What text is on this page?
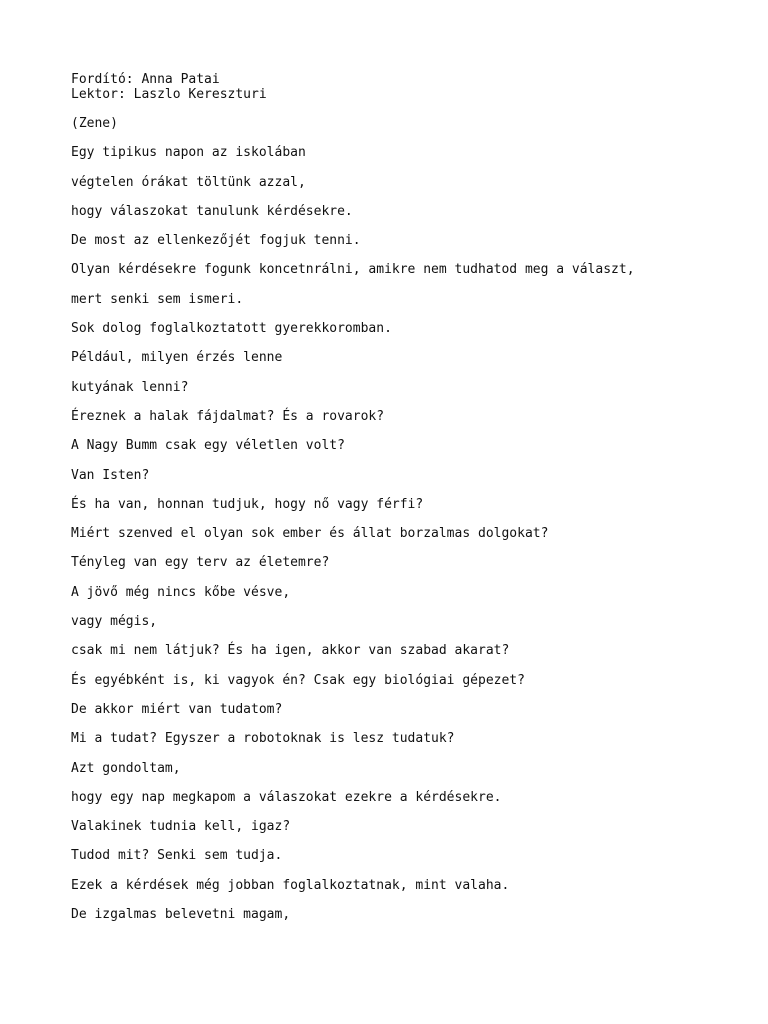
Fordító: Anna Patai
Lektor: Laszlo Kereszturi
(Zene)
Egy tipikus napon az iskolában
végtelen órákat töltünk azzal,
hogy válaszokat tanulunk kérdésekre.
De most az ellenkezőjét fogjuk tenni.
Olyan kérdésekre fogunk koncetnrálni, amikre nem tudhatod meg a választ,
mert senki sem ismeri.
Sok dolog foglalkoztatott gyerekkoromban.
Például, milyen érzés lenne
kutyának lenni?
Éreznek a halak fájdalmat? És a rovarok?
A Nagy Bumm csak egy véletlen volt?
Van Isten?
És ha van, honnan tudjuk, hogy nő vagy férfi?
Miért szenved el olyan sok ember és állat borzalmas dolgokat?
Tényleg van egy terv az életemre?
A jövő még nincs kőbe vésve,
vagy mégis,
csak mi nem látjuk? És ha igen, akkor van szabad akarat?
És egyébként is, ki vagyok én? Csak egy biológiai gépezet?
De akkor miért van tudatom?
Mi a tudat? Egyszer a robotoknak is lesz tudatuk?
Azt gondoltam,
hogy egy nap megkapom a válaszokat ezekre a kérdésekre.
Valakinek tudnia kell, igaz?
Tudod mit? Senki sem tudja.
Ezek a kérdések még jobban foglalkoztatnak, mint valaha.
De izgalmas belevetni magam,
